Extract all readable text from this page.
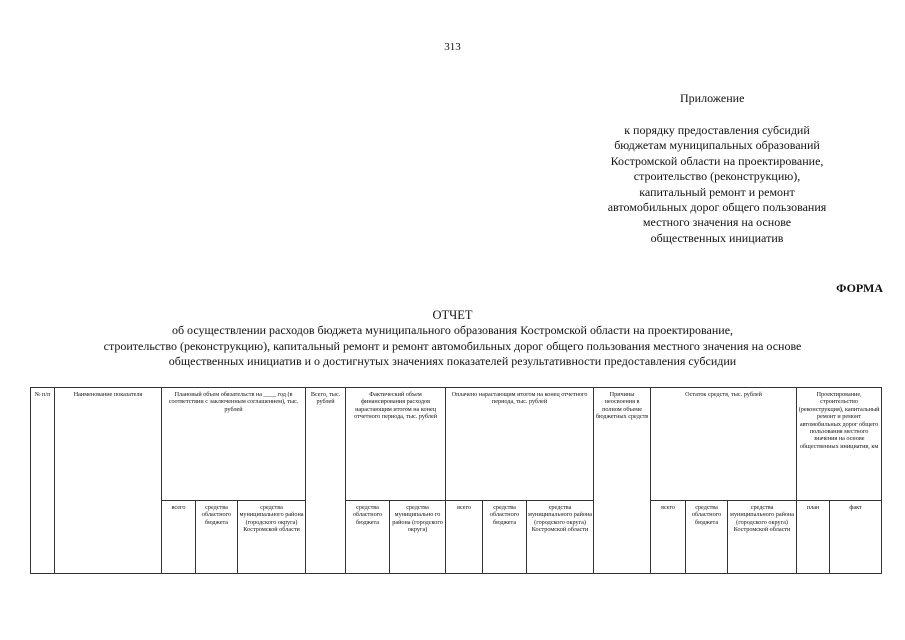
313
Приложение
к порядку предоставления субсидий
бюджетам муниципальных образований
Костромской области на проектирование,
строительство (реконструкцию),
капитальный ремонт и ремонт
автомобильных дорог общего пользования
местного значения на основе
общественных инициатив
ФОРМА
ОТЧЕТ
об осуществлении расходов бюджета муниципального образования Костромской области на проектирование,
строительство (реконструкцию), капитальный ремонт и ремонт автомобильных дорог общего пользования местного значения на основе
общественных инициатив и о достигнутых значениях показателей результативности предоставления субсидии
№ п/п	Наименование показателя	Плановый объем обязательств на ____ год (в соответствии с заключенным соглашением), тыс. рублей			Всего, тыс. рублей	Фактический объем финансирования расходов нарастающим итогом на конец отчетного периода, тыс. рублей		Оплачено нарастающим итогом на конец отчетного периода, тыс. рублей			Причины неосвоения в полном объеме бюджетных средств	Остаток средств, тыс. рублей			Проектирование, строительство (реконструкция), капитальный ремонт и ремонт автомобильных дорог общего пользования местного значения на основе общественных инициатив, км	
		всего	средства областного бюджета	средства муниципального района (городского округа) Костромской области		средства областного бюджета	средства муниципально го района (городского округа)	всего	средства областного бюджета	средства муниципального района (городского округа) Костромской области		всего	средства областного бюджета	средства муниципального района (городского округа) Костромской области	план	факт
